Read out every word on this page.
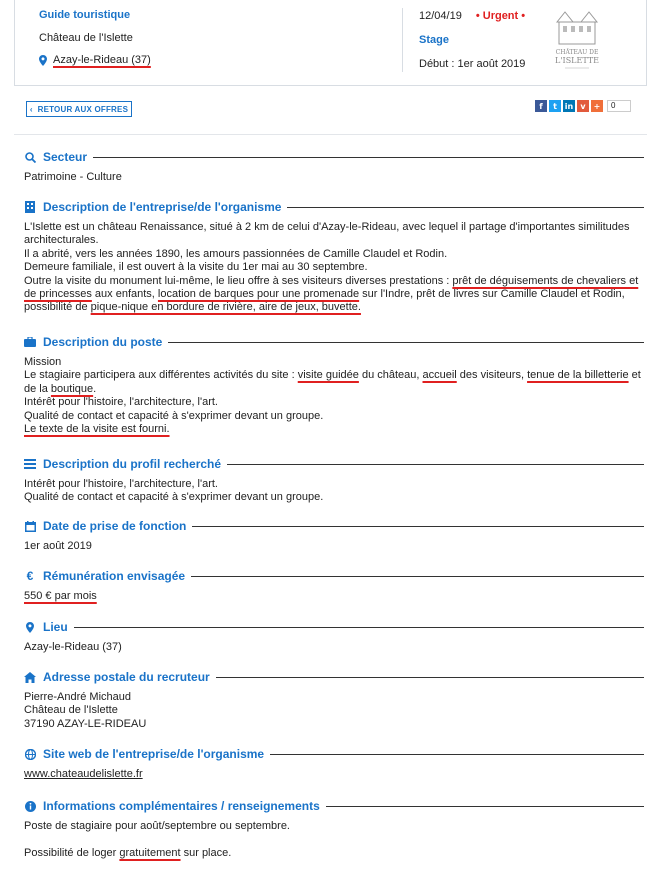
Guide touristique
Château de l'Islette
Azay-le-Rideau (37)
12/04/19 • Urgent •
Stage
Début : 1er août 2019
CHÂTEAU DE
L'ISLETTE
‹ RETOUR AUX OFFRES	f	t in v	+	0
Secteur
Patrimoine - Culture
Description de l'entreprise/de l'organisme
L'Islette est un château Renaissance, situé à 2 km de celui d'Azay-le-Rideau, avec lequel il partage d'importantes similitudes architecturales.
Il a abrité, vers les années 1890, les amours passionnées de Camille Claudel et Rodin.
Demeure familiale, il est ouvert à la visite du 1er mai au 30 septembre.
Outre la visite du monument lui-même, le lieu offre à ses visiteurs diverses prestations : prêt de déguisements de chevaliers et de princesses aux enfants, location de barques pour une promenade sur l'Indre, prêt de livres sur Camille Claudel et Rodin, possibilité de pique-nique en bordure de rivière, aire de jeux, buvette.
Description du poste
Mission
Le stagiaire participera aux différentes activités du site : visite guidée du château, accueil des visiteurs, tenue de la billetterie et de la boutique.
Intérêt pour l'histoire, l'architecture, l'art.
Qualité de contact et capacité à s'exprimer devant un groupe.
Le texte de la visite est fourni.
Description du profil recherché
Intérêt pour l'histoire, l'architecture, l'art.
Qualité de contact et capacité à s'exprimer devant un groupe.
Date de prise de fonction
1er août 2019
€ Rémunération envisagée
550 € par mois
Lieu
Azay-le-Rideau (37)
Adresse postale du recruteur
Pierre-André Michaud
Château de l'Islette
37190 AZAY-LE-RIDEAU
Site web de l'entreprise/de l'organisme
www.chateaudelislette.fr
Informations complémentaires / renseignements
Poste de stagiaire pour août/septembre ou septembre.
Possibilité de loger gratuitement sur place.
